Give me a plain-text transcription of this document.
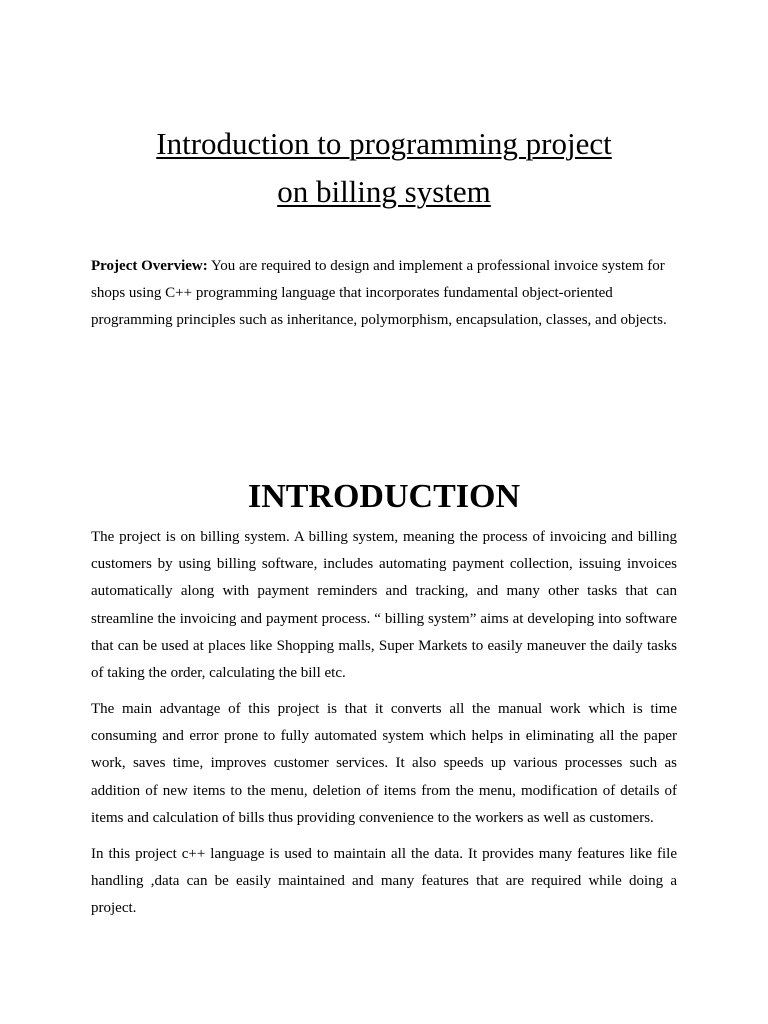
Introduction to programming project
on billing system

Project Overview: You are required to design and implement a professional invoice system for shops using C++ programming language that incorporates fundamental object-oriented programming principles such as inheritance, polymorphism, encapsulation, classes, and objects.

INTRODUCTION

The project is on billing system. A billing system, meaning the process of invoicing and billing customers by using billing software, includes automating payment collection, issuing invoices automatically along with payment reminders and tracking, and many other tasks that can streamline the invoicing and payment process. “ billing system” aims at developing into software that can be used at places like Shopping malls, Super Markets to easily maneuver the daily tasks of taking the order, calculating the bill etc.

The main advantage of this project is that it converts all the manual work which is time consuming and error prone to fully automated system which helps in eliminating all the paper work, saves time, improves customer services. It also speeds up various processes such as addition of new items to the menu, deletion of items from the menu, modification of details of items and calculation of bills thus providing convenience to the workers as well as customers.

In this project c++ language is used to maintain all the data. It provides many features like file handling ,data can be easily maintained and many features that are required while doing a project.
